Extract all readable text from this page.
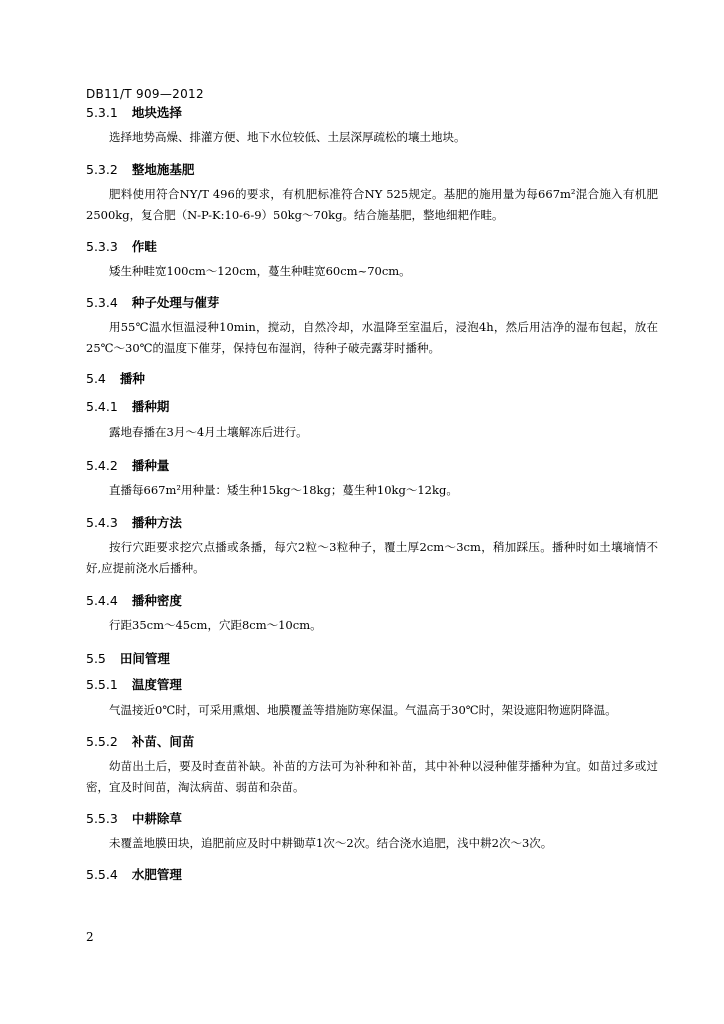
DB11/T 909—2012
5.3.1 地块选择

选择地势高燥、排灌方便、地下水位较低、土层深厚疏松的壤土地块。

5.3.2 整地施基肥

肥料使用符合NY/T 496的要求，有机肥标准符合NY 525规定。基肥的施用量为每667m²混合施入有机肥2500kg，复合肥（N-P-K:10-6-9）50kg～70kg。结合施基肥，整地细耙作畦。

5.3.3 作畦

矮生种畦宽100cm～120cm，蔓生种畦宽60cm~70cm。

5.3.4 种子处理与催芽

用55℃温水恒温浸种10min，搅动，自然冷却，水温降至室温后，浸泡4h，然后用洁净的湿布包起，放在25℃～30℃的温度下催芽，保持包布湿润，待种子破壳露芽时播种。

5.4 播种
5.4.1 播种期

露地春播在3月～4月土壤解冻后进行。

5.4.2 播种量

直播每667m²用种量：矮生种15kg～18kg；蔓生种10kg～12kg。

5.4.3 播种方法

按行穴距要求挖穴点播或条播，每穴2粒～3粒种子，覆土厚2cm～3cm，稍加踩压。播种时如土壤墒情不好,应提前浇水后播种。

5.4.4 播种密度

行距35cm～45cm，穴距8cm～10cm。

5.5 田间管理
5.5.1 温度管理

气温接近0℃时，可采用熏烟、地膜覆盖等措施防寒保温。气温高于30℃时，架设遮阳物遮阴降温。

5.5.2 补苗、间苗

幼苗出土后，要及时查苗补缺。补苗的方法可为补种和补苗，其中补种以浸种催芽播种为宜。如苗过多或过密，宜及时间苗，淘汰病苗、弱苗和杂苗。

5.5.3 中耕除草

未覆盖地膜田块，追肥前应及时中耕锄草1次～2次。结合浇水追肥，浅中耕2次～3次。

5.5.4 水肥管理
2
